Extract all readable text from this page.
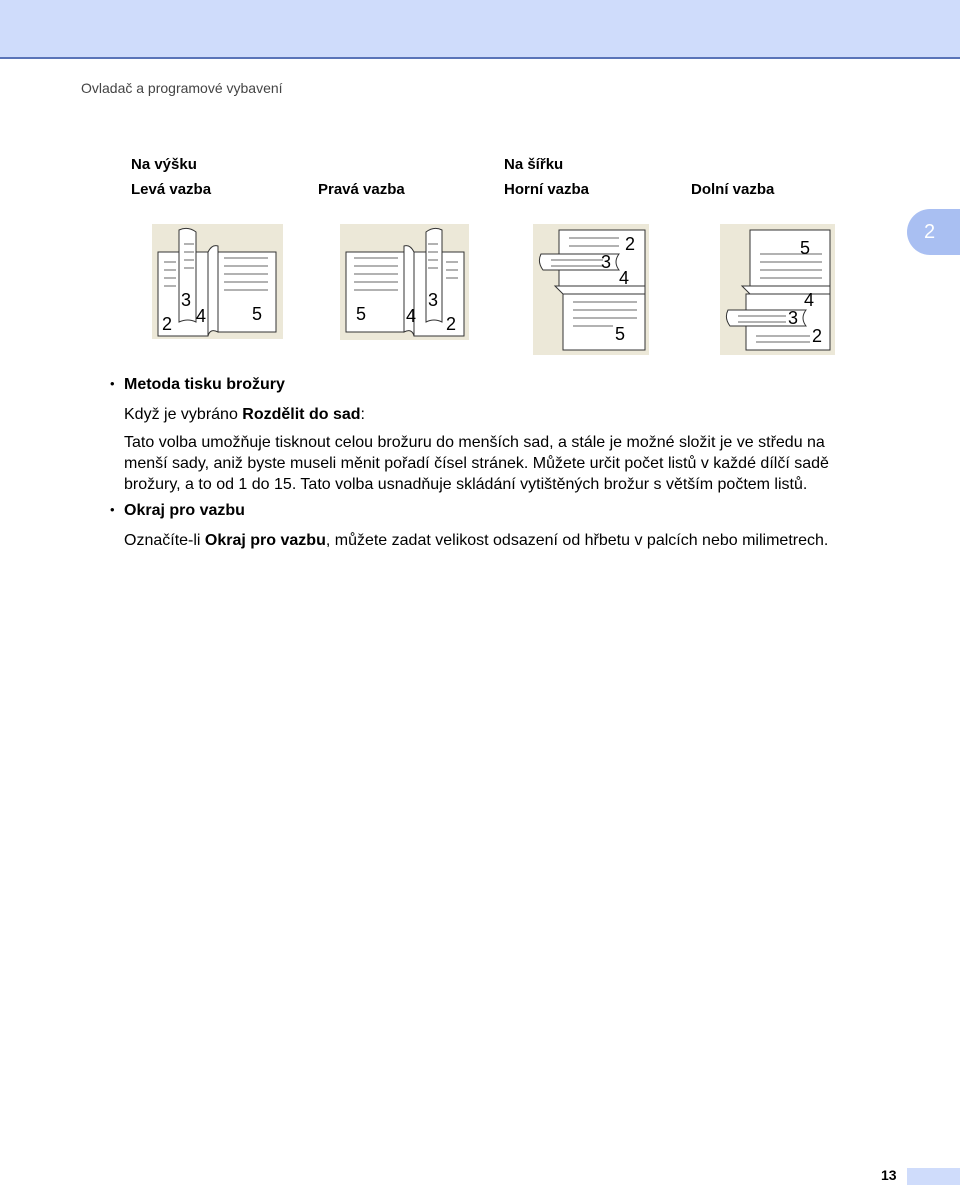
Ovladač a programové vybavení
2
Na výšku	Na šířku
Levá vazba	Pravá vazba	Horní vazba	Dolní vazba
2
3
4	5	5 4
3
2
2
3
4
5
5
4
3
2
• Metoda tisku brožury
Když je vybráno Rozdělit do sad:
Tato volba umožňuje tisknout celou brožuru do menších sad, a stále je možné složit je ve středu na
menší sady, aniž byste museli měnit pořadí čísel stránek. Můžete určit počet listů v každé dílčí sadě
brožury, a to od 1 do 15. Tato volba usnadňuje skládání vytištěných brožur s větším počtem listů.
• Okraj pro vazbu
Označíte-li Okraj pro vazbu, můžete zadat velikost odsazení od hřbetu v palcích nebo milimetrech.
13
